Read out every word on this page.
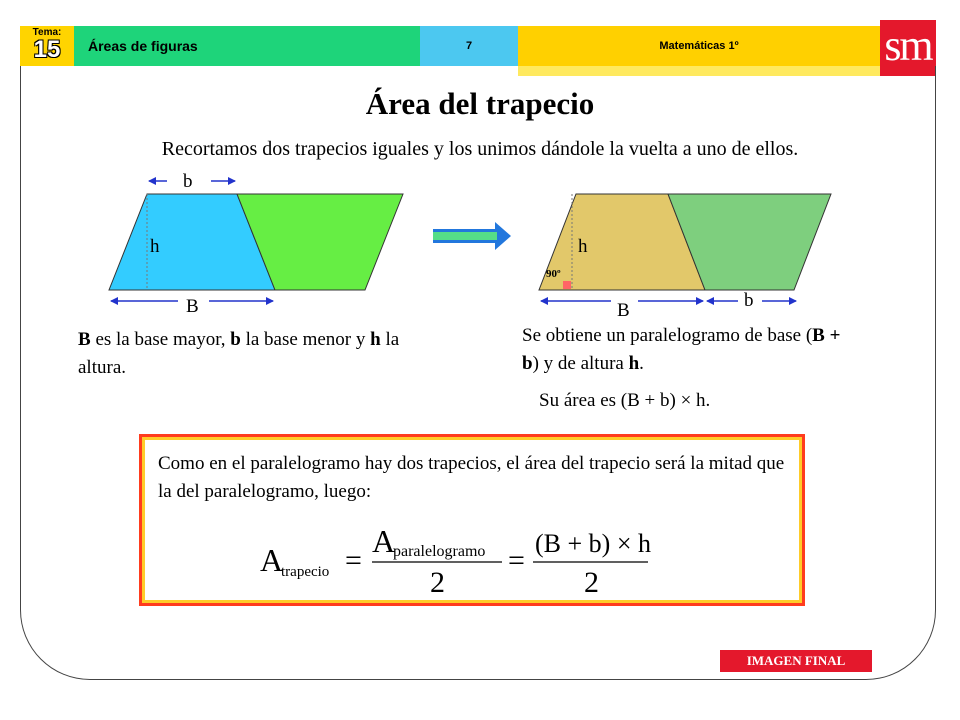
Tema:
15	Áreas de figuras	7	Matemáticas 1º	sm
Área del trapecio
Recortamos dos trapecios iguales y los unimos dándole la vuelta a uno de ellos.
b
h
B
90º
h
B	b
B es la base mayor, b la base menor y h la altura.
Se obtiene un paralelogramo de base (B + b) y de altura h.
Su área es (B + b) × h.
Como en el paralelogramo hay dos trapecios, el área del trapecio será la mitad que la del paralelogramo, luego:
A
trapecio =
A
paralelogramo
2
=
(B + b) × h
2
IMAGEN FINAL
